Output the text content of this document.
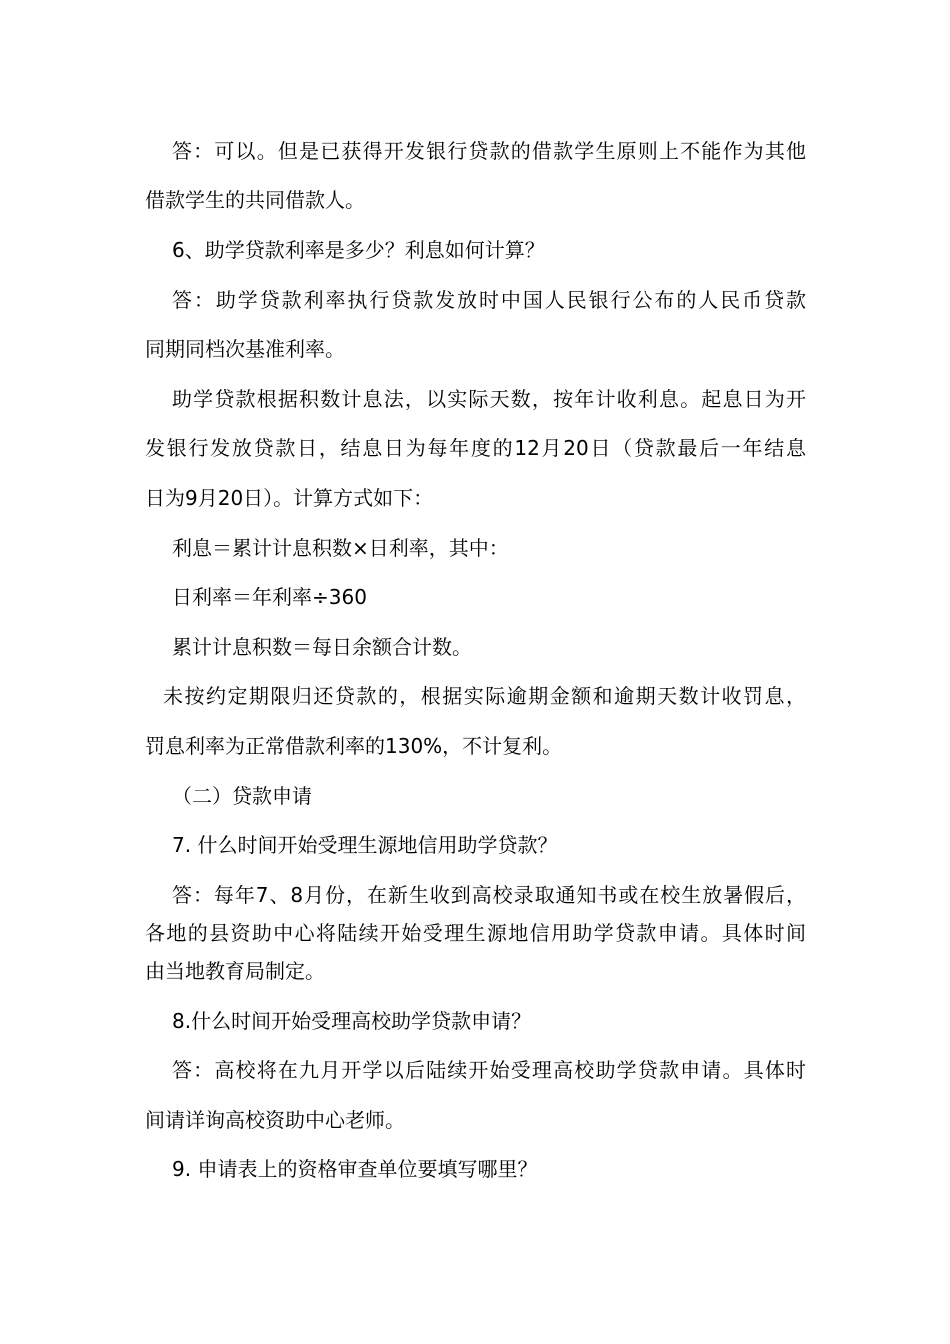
答：可以。但是已获得开发银行贷款的借款学生原则上不能作为其他
借款学生的共同借款人。
6、助学贷款利率是多少？利息如何计算？
答：助学贷款利率执行贷款发放时中国人民银行公布的人民币贷款
同期同档次基准利率。
助学贷款根据积数计息法，以实际天数，按年计收利息。起息日为开
发银行发放贷款日，结息日为每年度的12月20日（贷款最后一年结息
日为9月20日）。计算方式如下：
利息＝累计计息积数×日利率，其中：
日利率＝年利率÷360
累计计息积数＝每日余额合计数。
未按约定期限归还贷款的，根据实际逾期金额和逾期天数计收罚息，
罚息利率为正常借款利率的130%，不计复利。
（二）贷款申请
7. 什么时间开始受理生源地信用助学贷款？
答：每年7、8月份，在新生收到高校录取通知书或在校生放暑假后，
各地的县资助中心将陆续开始受理生源地信用助学贷款申请。具体时间
由当地教育局制定。
8.什么时间开始受理高校助学贷款申请？
答：高校将在九月开学以后陆续开始受理高校助学贷款申请。具体时
间请详询高校资助中心老师。
9. 申请表上的资格审查单位要填写哪里？
